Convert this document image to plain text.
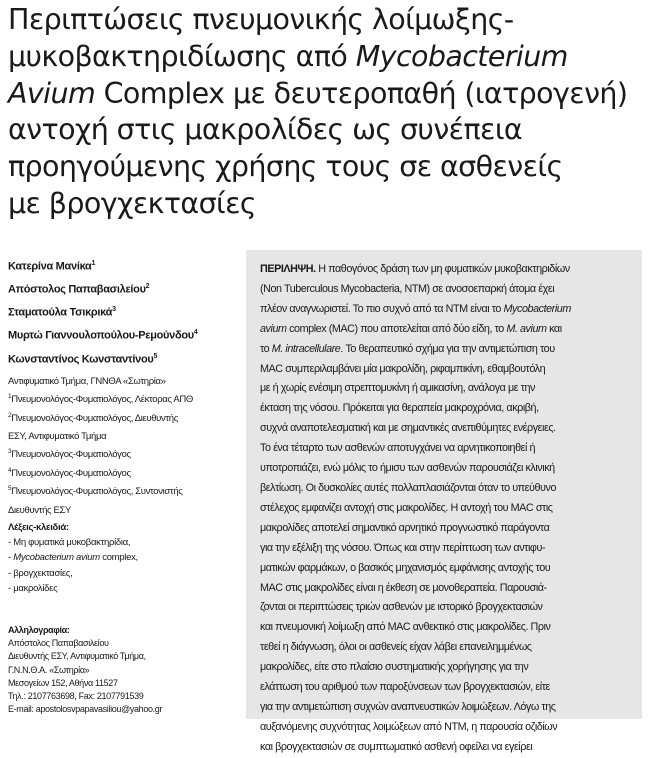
Περιπτώσεις πνευμονικής λοίμωξης-
μυκοβακτηριδίωσης από Mycobacterium
Avium Complex με δευτεροπαθή (ιατρογενή)
αντοχή στις μακρολίδες ως συνέπεια
προηγούμενης χρήσης τους σε ασθενείς
με βρογχεκτασίες
Κατερίνα Μανίκα$^1$
Απόστολος Παπαβασιλείου$^2$
Σταματούλα Τσικρικά$^3$
Μυρτώ Γιαννουλοπούλου-Ρεμούνδου$^4$
Κωνσταντίνος Κωνσταντίνου$^5$
Αντιφυματικό Τμήμα, ΓΝΝΘΑ «Σωτηρία»
$^1$Πνευμονολόγος-Φυματιολόγος, Λέκτορας ΑΠΘ
$^2$Πνευμονολόγος-Φυματιολόγος, Διευθυντής
ΕΣΥ, Αντιφυματικό Τμήμα
$^3$Πνευμονολόγος-Φυματιολόγος
$^4$Πνευμονολόγος-Φυματιολόγος
$^5$Πνευμονολόγος-Φυματιολόγος, Συντονιστής
Διευθυντής ΕΣΥ
Λέξεις-κλειδιά:
- Μη φυματικά μυκοβακτηρίδια,
- Mycobacterium avium complex,
- βρογχεκτασίες,
- μακρολίδες
Αλληλογραφία:
Απόστολος Παπαβασιλείου
Διευθυντής ΕΣΥ, Αντιφυματικό Τμήμα,
Γ.Ν.Ν.Θ.Α. «Σωτηρία»
Μεσογείων 152, Αθήνα 11527
Τηλ.: 2107763698, Fax: 2107791539
E-mail: apostolosvpapavasiliou@yahoo.gr
ΠΕΡΙΛΗΨΗ. Η παθογόνος δράση των μη φυματικών μυκοβακτηριδίων
(Non Tuberculous Mycobacteria, NTM) σε ανοσοεπαρκή άτομα έχει
πλέον αναγνωριστεί. Το πιο συχνό από τα NTM είναι το Mycobacterium
avium complex (MAC) που αποτελείται από δύο είδη, το M. avium και
το M. intracellulare. Το θεραπευτικό σχήμα για την αντιμετώπιση του
MAC συμπεριλαμβάνει μία μακρολίδη, ριφαμπικίνη, εθαμβουτόλη
με ή χωρίς ενέσιμη στρεπτομυκίνη ή αμικασίνη, ανάλογα με την
έκταση της νόσου. Πρόκειται για θεραπεία μακροχρόνια, ακριβή,
συχνά αναποτελεσματική και με σημαντικές ανεπιθύμητες ενέργειες.
Το ένα τέταρτο των ασθενών αποτυγχάνει να αρνητικοποιηθεί ή
υποτροπιάζει, ενώ μόλις το ήμισυ των ασθενών παρουσιάζει κλινική
βελτίωση. Οι δυσκολίες αυτές πολλαπλασιάζονται όταν το υπεύθυνο
στέλεχος εμφανίζει αντοχή στις μακρολίδες. Η αντοχή του MAC στις
μακρολίδες αποτελεί σημαντικό αρνητικό προγνωστικό παράγοντα
για την εξέλιξη της νόσου. Όπως και στην περίπτωση των αντιφυ-
ματικών φαρμάκων, ο βασικός μηχανισμός εμφάνισης αντοχής του
MAC στις μακρολίδες είναι η έκθεση σε μονοθεραπεία. Παρουσιά-
ζονται οι περιπτώσεις τριών ασθενών με ιστορικό βρογχεκτασιών
και πνευμονική λοίμωξη από MAC ανθεκτικό στις μακρολίδες. Πριν
τεθεί η διάγνωση, όλοι οι ασθενείς είχαν λάβει επανειλημμένως
μακρολίδες, είτε στο πλαίσιο συστηματικής χορήγησης για την
ελάττωση του αριθμού των παροξύνσεων των βρογχεκτασιών, είτε
για την αντιμετώπιση συχνών αναπνευστικών λοιμώξεων. Λόγω της
αυξανόμενης συχνότητας λοιμώξεων από NTM, η παρουσία οζιδίων
και βρογχεκτασιών σε συμπτωματικό ασθενή οφείλει να εγείρει
